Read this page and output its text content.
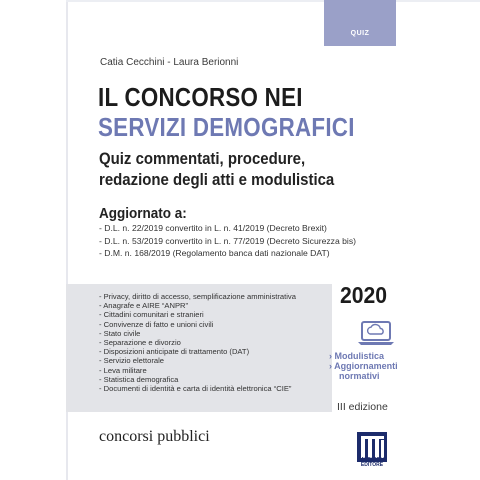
QUIZ
Catia Cecchini - Laura Berionni
IL CONCORSO NEI
SERVIZI DEMOGRAFICI
Quiz commentati, procedure,
redazione degli atti e modulistica
Aggiornato a:
- D.L. n. 22/2019 convertito in L. n. 41/2019 (Decreto Brexit)
- D.L. n. 53/2019 convertito in L. n. 77/2019 (Decreto Sicurezza bis)
- D.M. n. 168/2019 (Regolamento banca dati nazionale DAT)
- Privacy, diritto di accesso, semplificazione amministrativa
- Anagrafe e AIRE “ANPR”
- Cittadini comunitari e stranieri
- Convivenze di fatto e unioni civili
- Stato civile
- Separazione e divorzio
- Disposizioni anticipate di trattamento (DAT)
- Servizio elettorale
- Leva militare
- Statistica demografica
- Documenti di identità e carta di identità elettronica “CIE”
2020
› Modulistica
› Aggiornamenti
normativi
III edizione
concorsi pubblici
MAGGIOLI
EDITORE
